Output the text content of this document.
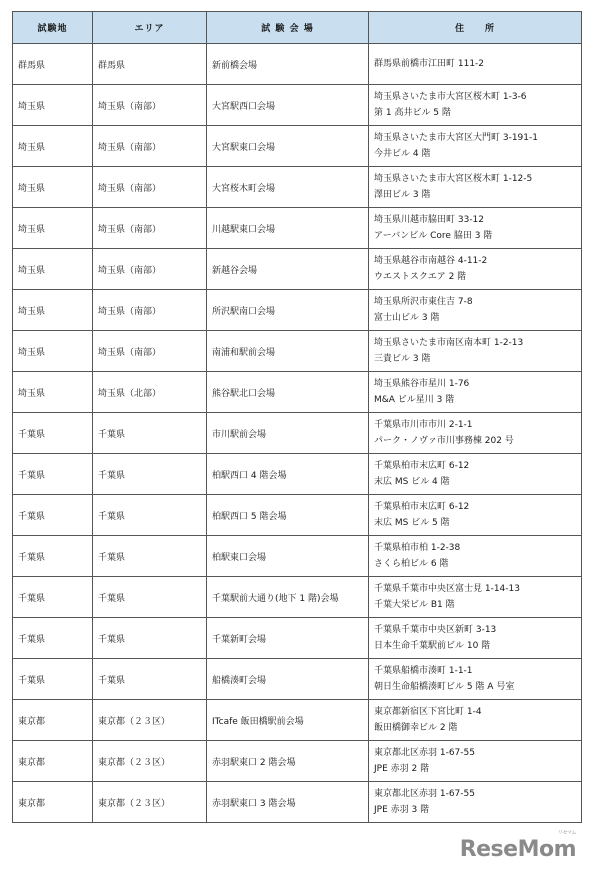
試験地	エリア	試 験 会 場	住　　所
群馬県	群馬県	新前橋会場	群馬県前橋市江田町 111-2

埼玉県	埼玉県（南部）	大宮駅西口会場	埼玉県さいたま市大宮区桜木町 1-3-6
第 1 高井ビル 5 階

埼玉県	埼玉県（南部）	大宮駅東口会場	埼玉県さいたま市大宮区大門町 3-191-1
今井ビル 4 階

埼玉県	埼玉県（南部）	大宮桜木町会場	埼玉県さいたま市大宮区桜木町 1-12-5
澤田ビル 3 階

埼玉県	埼玉県（南部）	川越駅東口会場	埼玉県川越市脇田町 33-12
アーバンビル Core 脇田 3 階

埼玉県	埼玉県（南部）	新越谷会場	埼玉県越谷市南越谷 4-11-2
ウエストスクエア 2 階

埼玉県	埼玉県（南部）	所沢駅南口会場	埼玉県所沢市東住吉 7-8
富士山ビル 3 階

埼玉県	埼玉県（南部）	南浦和駅前会場	埼玉県さいたま市南区南本町 1-2-13
三貴ビル 3 階

埼玉県	埼玉県（北部）	熊谷駅北口会場	埼玉県熊谷市星川 1-76
M&A ビル星川 3 階

千葉県	千葉県	市川駅前会場	千葉県市川市市川 2-1-1
パーク・ノヴァ市川事務棟 202 号

千葉県	千葉県	柏駅西口 4 階会場	千葉県柏市末広町 6-12
末広 MS ビル 4 階

千葉県	千葉県	柏駅西口 5 階会場	千葉県柏市末広町 6-12
末広 MS ビル 5 階

千葉県	千葉県	柏駅東口会場	千葉県柏市柏 1-2-38
さくら柏ビル 6 階

千葉県	千葉県	千葉駅前大通り(地下 1 階)会場	千葉県千葉市中央区富士見 1-14-13
千葉大栄ビル B1 階

千葉県	千葉県	千葉新町会場	千葉県千葉市中央区新町 3-13
日本生命千葉駅前ビル 10 階

千葉県	千葉県	船橋湊町会場	千葉県船橋市湊町 1-1-1
朝日生命船橋湊町ビル 5 階 A 号室

東京都	東京都（２３区）	ITcafe 飯田橋駅前会場	東京都新宿区下宮比町 1-4
飯田橋御幸ビル 2 階

東京都	東京都（２３区）	赤羽駅東口 2 階会場	東京都北区赤羽 1-67-55
JPE 赤羽 2 階

東京都	東京都（２３区）	赤羽駅東口 3 階会場	東京都北区赤羽 1-67-55
JPE 赤羽 3 階
ReseMom$^{リセマム}$
